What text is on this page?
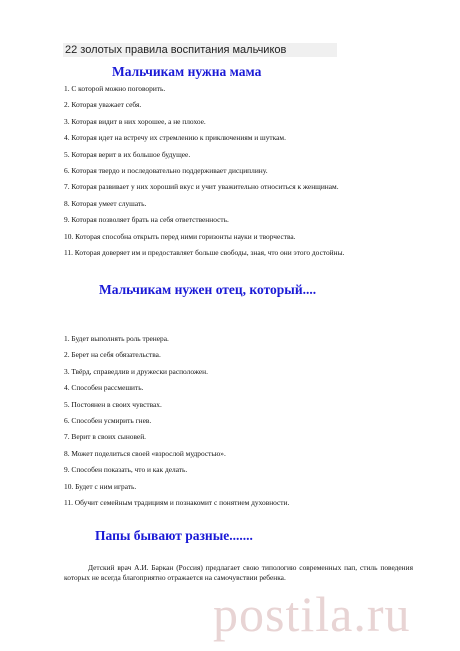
22 золотых правила воспитания мальчиков
Мальчикам нужна мама
1. С которой можно поговорить.
2. Которая уважает себя.
3. Которая видит в них хорошее, а не плохое.
4. Которая идет на встречу их стремлению к приключениям и шуткам.
5. Которая верит в их большое будущее.
6. Которая твердо и последовательно поддерживает дисциплину.
7. Которая развивает у них хороший вкус и учит уважительно относиться к женщинам.
8. Которая умеет слушать.
9. Которая позволяет брать на себя ответственность.
10. Которая способна открыть перед ними горизонты науки и творчества.
11. Которая доверяет им и предоставляет больше свободы, зная, что они этого достойны.
Мальчикам нужен отец, который....
1. Будет выполнять роль тренера.
2. Берет на себя обязательства.
3. Твёрд, справедлив и дружески расположен.
4. Способен рассмешить.
5. Постоянен в своих чувствах.
6. Способен усмирить гнев.
7. Верит в своих сыновей.
8. Может поделиться своей «взрослой мудростью».
9. Способен показать, что и как делать.
10. Будет с ним играть.
11. Обучит семейным традициям и познакомит с понятием духовности.
Папы бывают разные.......
Детский врач А.И. Баркан (Россия) предлагает свою типологию современных пап, стиль поведения которых не всегда благоприятно отражается на самочувствии ребенка.
postila.ru
